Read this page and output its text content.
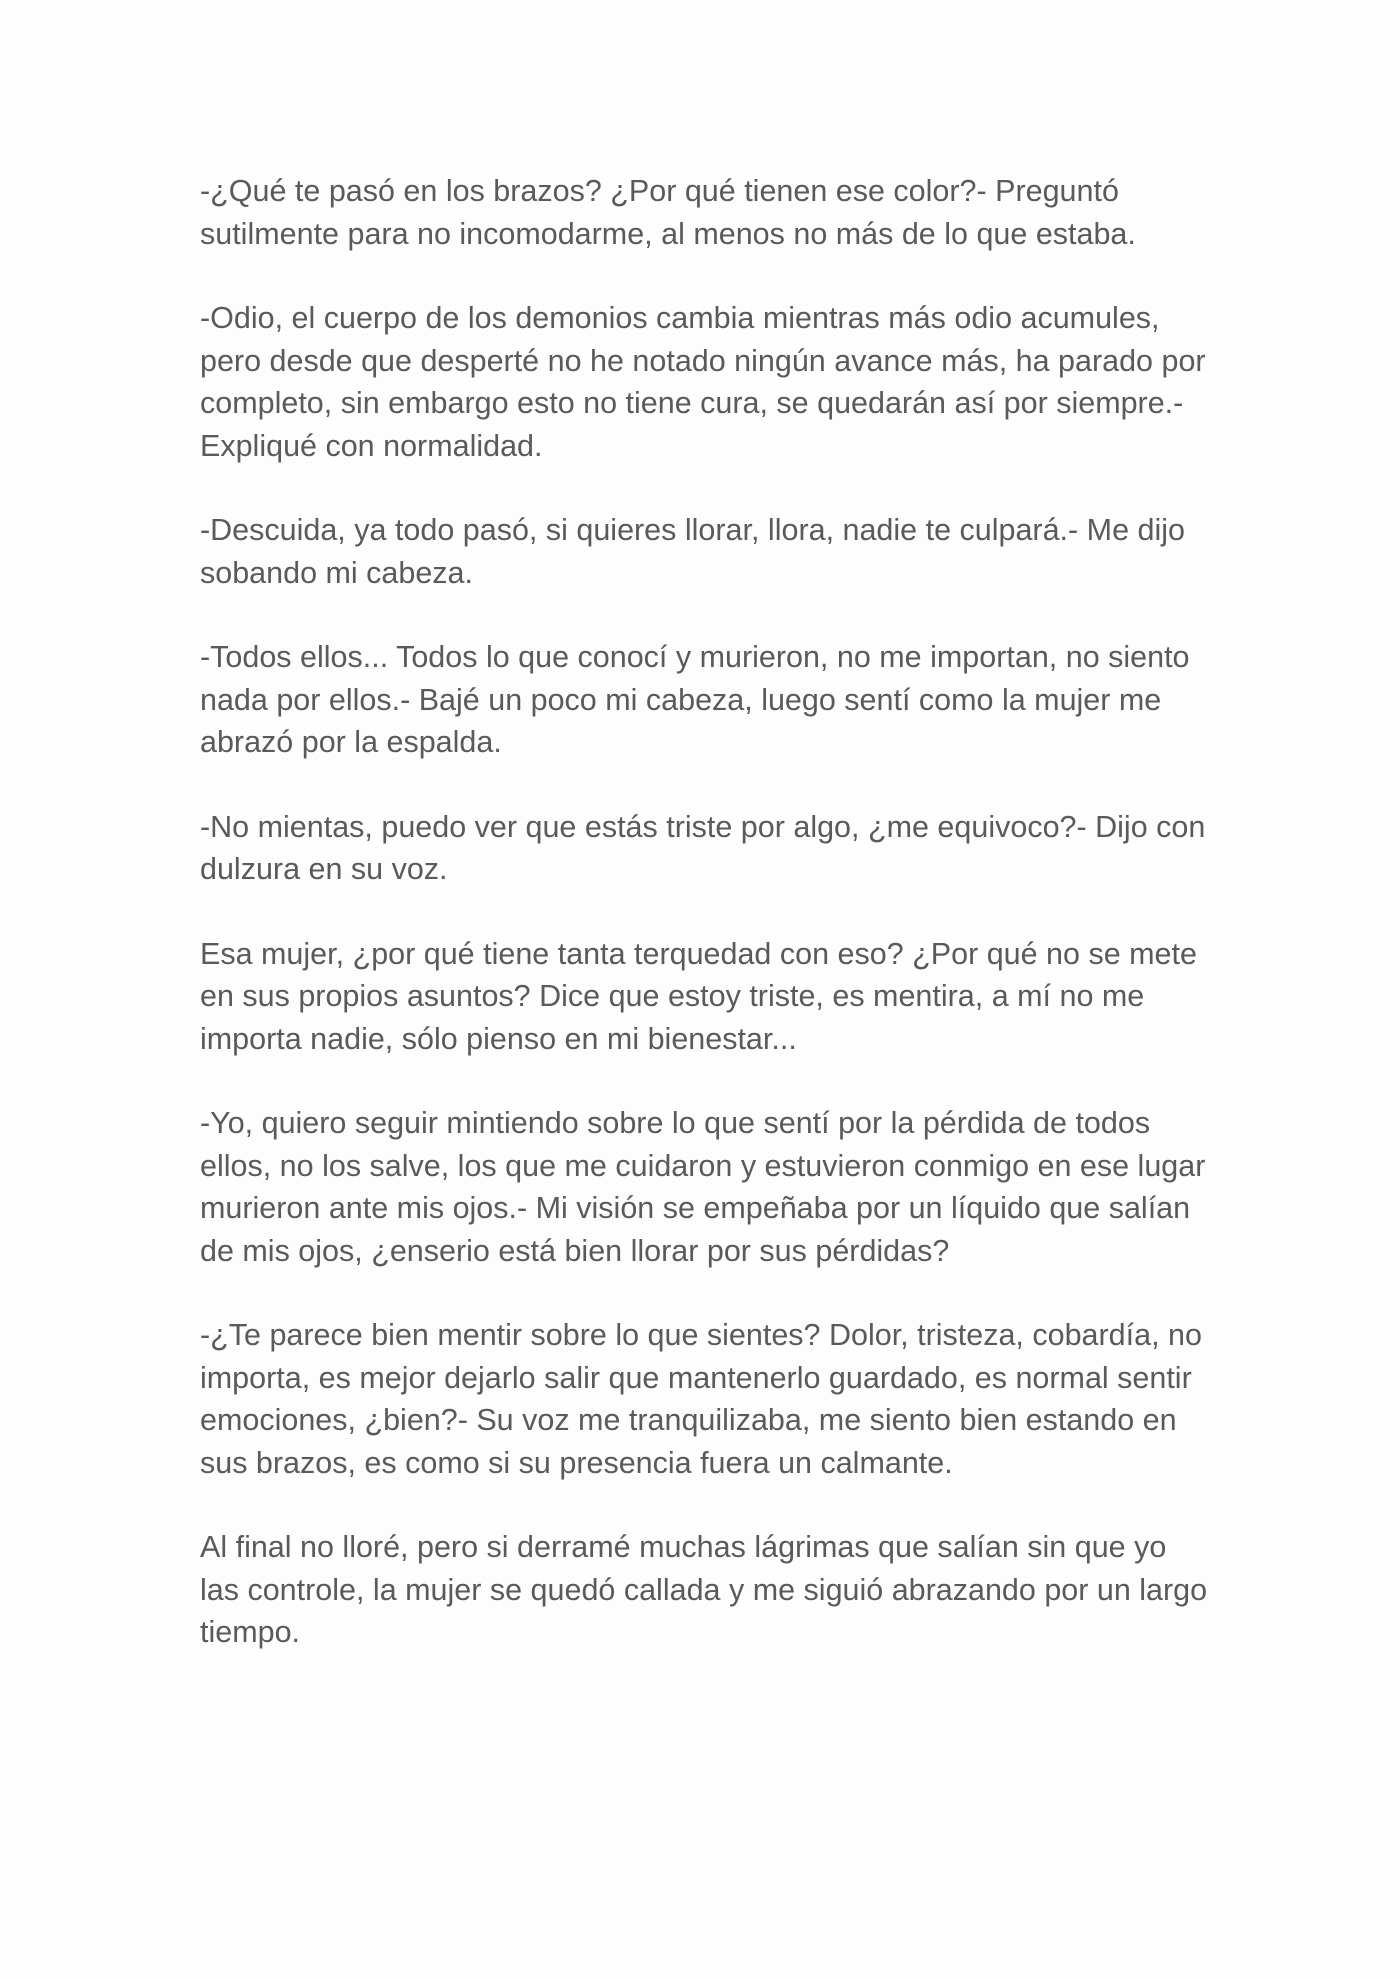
-¿Qué te pasó en los brazos? ¿Por qué tienen ese color?- Preguntó sutilmente para no incomodarme, al menos no más de lo que estaba.

-Odio, el cuerpo de los demonios cambia mientras más odio acumules, pero desde que desperté no he notado ningún avance más, ha parado por completo, sin embargo esto no tiene cura, se quedarán así por siempre.- Expliqué con normalidad.

-Descuida, ya todo pasó, si quieres llorar, llora, nadie te culpará.- Me dijo sobando mi cabeza.

-Todos ellos... Todos lo que conocí y murieron, no me importan, no siento nada por ellos.- Bajé un poco mi cabeza, luego sentí como la mujer me abrazó por la espalda.

-No mientas, puedo ver que estás triste por algo, ¿me equivoco?- Dijo con dulzura en su voz.

Esa mujer, ¿por qué tiene tanta terquedad con eso? ¿Por qué no se mete en sus propios asuntos? Dice que estoy triste, es mentira, a mí no me importa nadie, sólo pienso en mi bienestar...

-Yo, quiero seguir mintiendo sobre lo que sentí por la pérdida de todos ellos, no los salve, los que me cuidaron y estuvieron conmigo en ese lugar murieron ante mis ojos.- Mi visión se empeñaba por un líquido que salían de mis ojos, ¿enserio está bien llorar por sus pérdidas?

-¿Te parece bien mentir sobre lo que sientes? Dolor, tristeza, cobardía, no importa, es mejor dejarlo salir que mantenerlo guardado, es normal sentir emociones, ¿bien?- Su voz me tranquilizaba, me siento bien estando en sus brazos, es como si su presencia fuera un calmante.

Al final no lloré, pero si derramé muchas lágrimas que salían sin que yo las controle, la mujer se quedó callada y me siguió abrazando por un largo tiempo.
